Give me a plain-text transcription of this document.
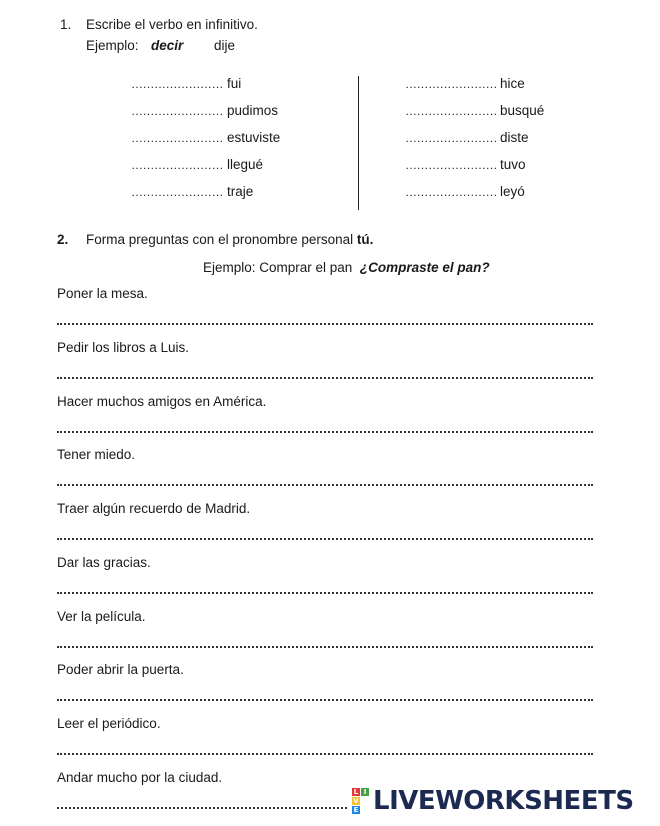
1. Escribe el verbo en infinitivo.
Ejemplo: decir dije
…………………… fui	…………………… hice
…………………… pudimos	…………………… busqué
…………………… estuviste	…………………… diste
…………………… llegué	…………………… tuvo
…………………… traje	…………………… leyó
2. Forma preguntas con el pronombre personal tú.
Ejemplo: Comprar el pan ¿Compraste el pan?
Poner la mesa.
Pedir los libros a Luis.
Hacer muchos amigos en América.
Tener miedo.
Traer algún recuerdo de Madrid.
Dar las gracias.
Ver la película.
Poder abrir la puerta.
Leer el periódico.
Andar mucho por la ciudad.
L I
V
E LIVEWORKSHEETS
